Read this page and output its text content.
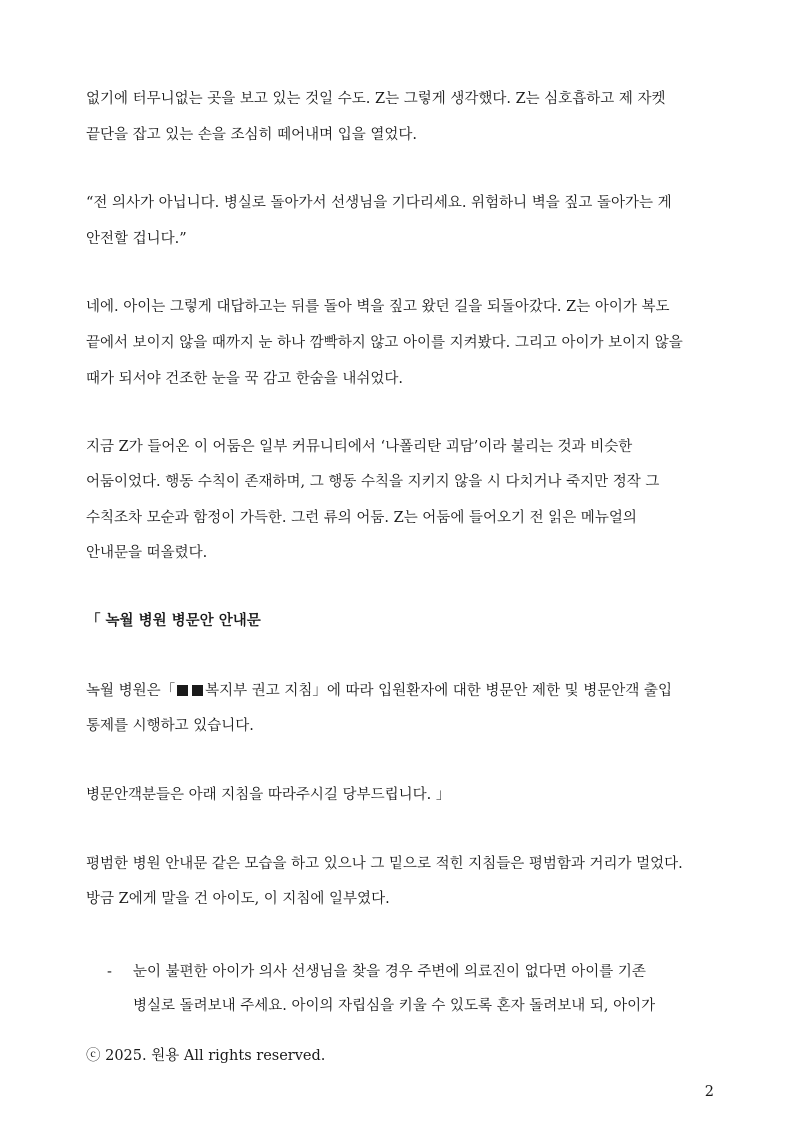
없기에 터무니없는 곳을 보고 있는 것일 수도. Z는 그렇게 생각했다. Z는 심호흡하고 제 자켓
끝단을 잡고 있는 손을 조심히 떼어내며 입을 열었다.
“전 의사가 아닙니다. 병실로 돌아가서 선생님을 기다리세요. 위험하니 벽을 짚고 돌아가는 게
안전할 겁니다.”
네에. 아이는 그렇게 대답하고는 뒤를 돌아 벽을 짚고 왔던 길을 되돌아갔다. Z는 아이가 복도
끝에서 보이지 않을 때까지 눈 하나 깜빡하지 않고 아이를 지켜봤다. 그리고 아이가 보이지 않을
때가 되서야 건조한 눈을 꾹 감고 한숨을 내쉬었다.
지금 Z가 들어온 이 어둠은 일부 커뮤니티에서 ‘나폴리탄 괴담’이라 불리는 것과 비슷한
어둠이었다. 행동 수칙이 존재하며, 그 행동 수칙을 지키지 않을 시 다치거나 죽지만 정작 그
수칙조차 모순과 함정이 가득한. 그런 류의 어둠. Z는 어둠에 들어오기 전 읽은 메뉴얼의
안내문을 떠올렸다.
「 녹월 병원 병문안 안내문
녹월 병원은「 복지부 권고 지침」에 따라 입원환자에 대한 병문안 제한 및 병문안객 출입
통제를 시행하고 있습니다.
병문안객분들은 아래 지침을 따라주시길 당부드립니다. 」
평범한 병원 안내문 같은 모습을 하고 있으나 그 밑으로 적힌 지침들은 평범함과 거리가 멀었다.
방금 Z에게 말을 건 아이도, 이 지침에 일부였다.
- 눈이 불편한 아이가 의사 선생님을 찾을 경우 주변에 의료진이 없다면 아이를 기존
병실로 돌려보내 주세요. 아이의 자립심을 키울 수 있도록 혼자 돌려보내 되, 아이가
ⓒ 2025. 원용 All rights reserved.
2
